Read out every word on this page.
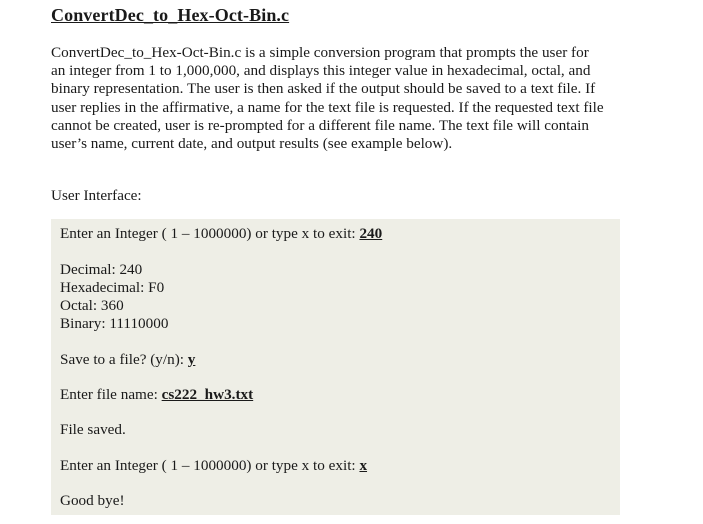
ConvertDec_to_Hex-Oct-Bin.c

ConvertDec_to_Hex-Oct-Bin.c is a simple conversion program that prompts the user for an integer from 1 to 1,000,000, and displays this integer value in hexadecimal, octal, and binary representation. The user is then asked if the output should be saved to a text file. If user replies in the affirmative, a name for the text file is requested. If the requested text file cannot be created, user is re-prompted for a different file name. The text file will contain user’s name, current date, and output results (see example below).

User Interface:

Enter an Integer ( 1 – 1000000) or type x to exit: 240
Decimal: 240
Hexadecimal: F0
Octal: 360
Binary: 11110000
Save to a file? (y/n): y
Enter file name: cs222_hw3.txt
File saved.
Enter an Integer ( 1 – 1000000) or type x to exit: x
Good bye!
